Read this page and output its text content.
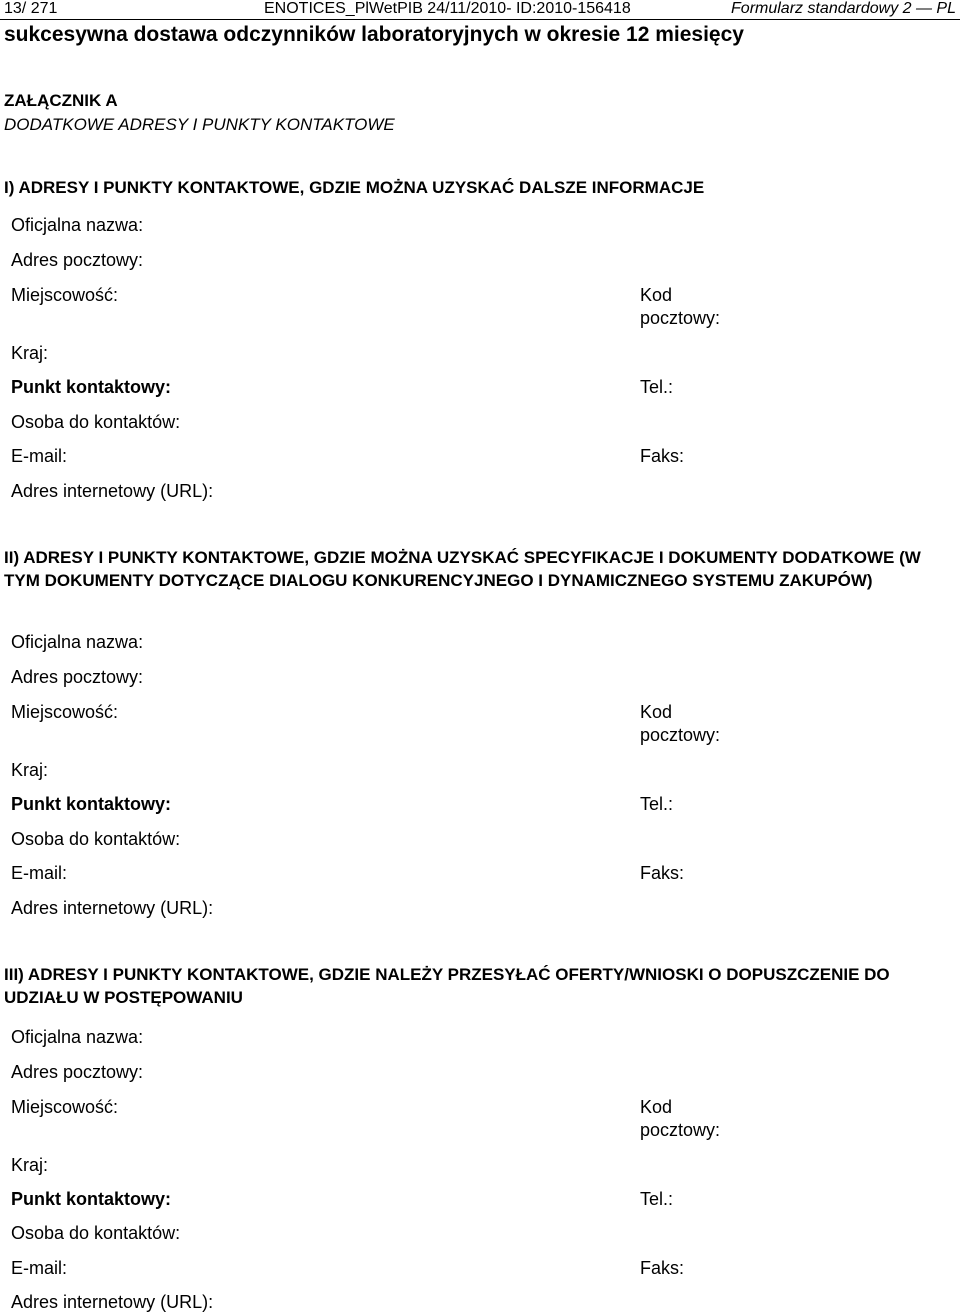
13/ 271	ENOTICES_PlWetPIB 24/11/2010- ID:2010-156418	Formularz standardowy 2 — PL
sukcesywna dostawa odczynników laboratoryjnych w okresie 12 miesięcy
ZAŁĄCZNIK A
DODATKOWE ADRESY I PUNKTY KONTAKTOWE
I) ADRESY I PUNKTY KONTAKTOWE, GDZIE MOŻNA UZYSKAĆ DALSZE INFORMACJE
Oficjalna nazwa:
Adres pocztowy:
Miejscowość:	Kod
pocztowy:
Kraj:
Punkt kontaktowy:	Tel.:
Osoba do kontaktów:
E-mail:	Faks:
Adres internetowy (URL):
II) ADRESY I PUNKTY KONTAKTOWE, GDZIE MOŻNA UZYSKAĆ SPECYFIKACJE I DOKUMENTY DODATKOWE (W TYM DOKUMENTY DOTYCZĄCE DIALOGU KONKURENCYJNEGO I DYNAMICZNEGO SYSTEMU ZAKUPÓW)
Oficjalna nazwa:
Adres pocztowy:
Miejscowość:	Kod
pocztowy:
Kraj:
Punkt kontaktowy:	Tel.:
Osoba do kontaktów:
E-mail:	Faks:
Adres internetowy (URL):
III) ADRESY I PUNKTY KONTAKTOWE, GDZIE NALEŻY PRZESYŁAĆ OFERTY/WNIOSKI O DOPUSZCZENIE DO UDZIAŁU W POSTĘPOWANIU
Oficjalna nazwa:
Adres pocztowy:
Miejscowość:	Kod
pocztowy:
Kraj:
Punkt kontaktowy:	Tel.:
Osoba do kontaktów:
E-mail:	Faks:
Adres internetowy (URL):
